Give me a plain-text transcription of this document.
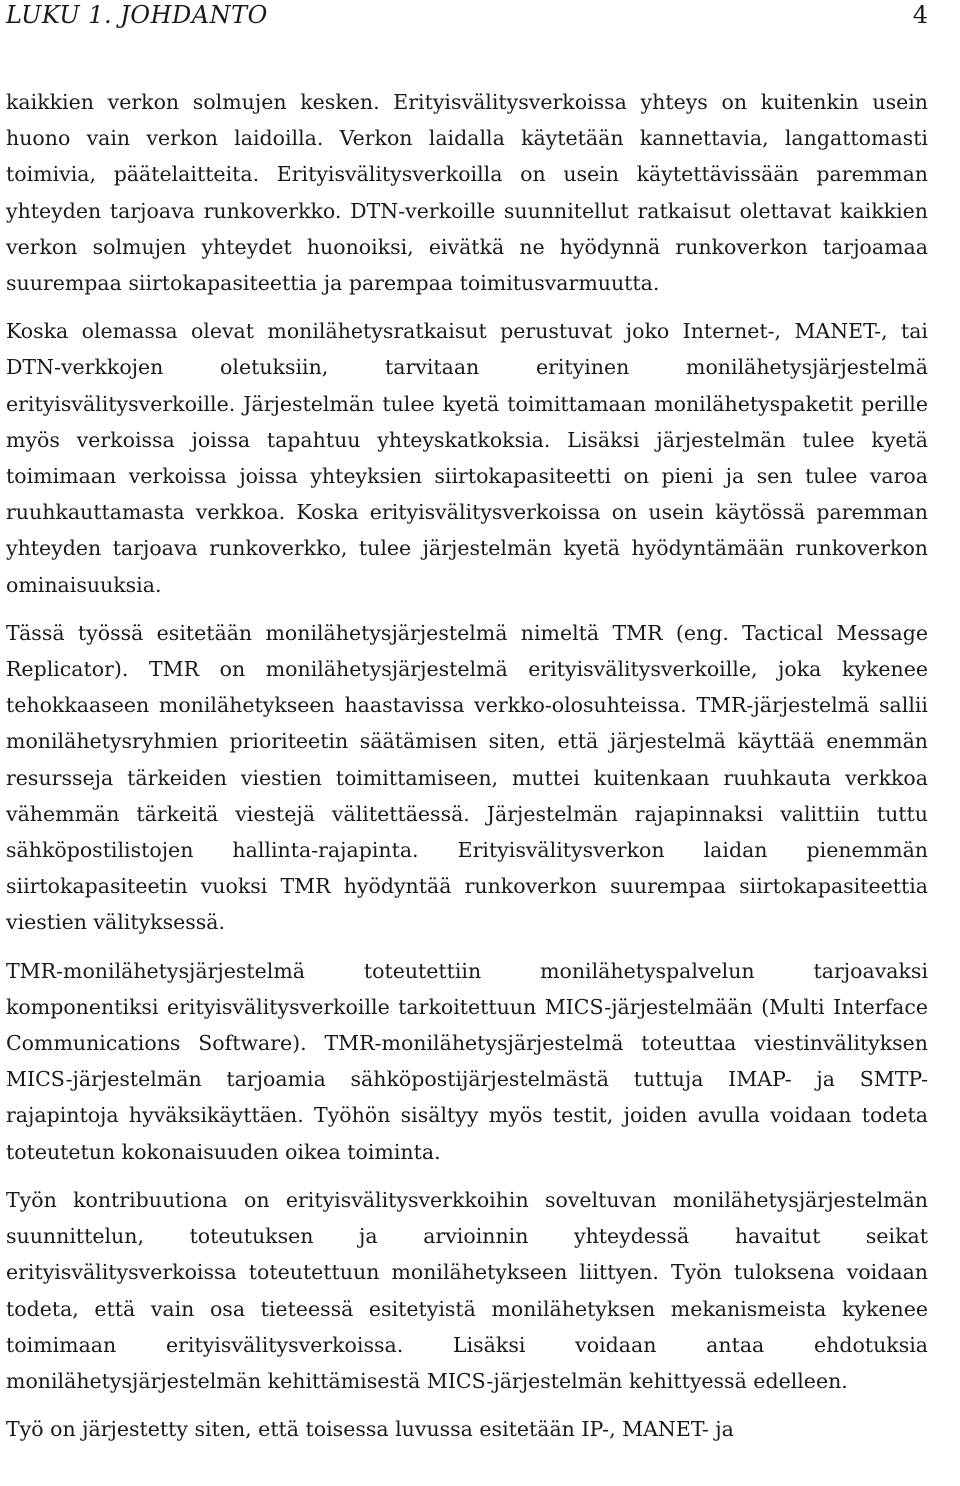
LUKU 1. JOHDANTO	4

kaikkien verkon solmujen kesken. Erityisvälitysverkoissa yhteys on kuitenkin usein huono vain verkon laidoilla. Verkon laidalla käytetään kannettavia, langattomasti toimivia, päätelaitteita. Erityisvälitysverkoilla on usein käytettävissään paremman yhteyden tarjoava runkoverkko. DTN-verkoille suunnitellut ratkaisut olettavat kaikkien verkon solmujen yhteydet huonoiksi, eivätkä ne hyödynnä runkoverkon tarjoamaa suurempaa siirtokapasiteettia ja parempaa toimitusvarmuutta.

Koska olemassa olevat monilähetysratkaisut perustuvat joko Internet-, MANET-, tai DTN-verkkojen oletuksiin, tarvitaan erityinen monilähetysjärjestelmä erityisvälitysverkoille. Järjestelmän tulee kyetä toimittamaan monilähetyspaketit perille myös verkoissa joissa tapahtuu yhteyskatkoksia. Lisäksi järjestelmän tulee kyetä toimimaan verkoissa joissa yhteyksien siirtokapasiteetti on pieni ja sen tulee varoa ruuhkauttamasta verkkoa. Koska erityisvälitysverkoissa on usein käytössä paremman yhteyden tarjoava runkoverkko, tulee järjestelmän kyetä hyödyntämään runkoverkon ominaisuuksia.

Tässä työssä esitetään monilähetysjärjestelmä nimeltä TMR (eng. Tactical Message Replicator). TMR on monilähetysjärjestelmä erityisvälitysverkoille, joka kykenee tehokkaaseen monilähetykseen haastavissa verkko-olosuhteissa. TMR-järjestelmä sallii monilähetysryhmien prioriteetin säätämisen siten, että järjestelmä käyttää enemmän resursseja tärkeiden viestien toimittamiseen, muttei kuitenkaan ruuhkauta verkkoa vähemmän tärkeitä viestejä välitettäessä. Järjestelmän rajapinnaksi valittiin tuttu sähköpostilistojen hallinta-rajapinta. Erityisvälitysverkon laidan pienemmän siirtokapasiteetin vuoksi TMR hyödyntää runkoverkon suurempaa siirtokapasiteettia viestien välityksessä.

TMR-monilähetysjärjestelmä toteutettiin monilähetyspalvelun tarjoavaksi komponentiksi erityisvälitysverkoille tarkoitettuun MICS-järjestelmään (Multi Interface Communications Software). TMR-monilähetysjärjestelmä toteuttaa viestinvälityksen MICS-järjestelmän tarjoamia sähköpostijärjestelmästä tuttuja IMAP- ja SMTP-rajapintoja hyväksikäyttäen. Työhön sisältyy myös testit, joiden avulla voidaan todeta toteutetun kokonaisuuden oikea toiminta.

Työn kontribuutiona on erityisvälitysverkkoihin soveltuvan monilähetysjärjestelmän suunnittelun, toteutuksen ja arvioinnin yhteydessä havaitut seikat erityisvälitysverkoissa toteutettuun monilähetykseen liittyen. Työn tuloksena voidaan todeta, että vain osa tieteessä esitetyistä monilähetyksen mekanismeista kykenee toimimaan erityisvälitysverkoissa. Lisäksi voidaan antaa ehdotuksia monilähetysjärjestelmän kehittämisestä MICS-järjestelmän kehittyessä edelleen.

Työ on järjestetty siten, että toisessa luvussa esitetään IP-, MANET- ja
